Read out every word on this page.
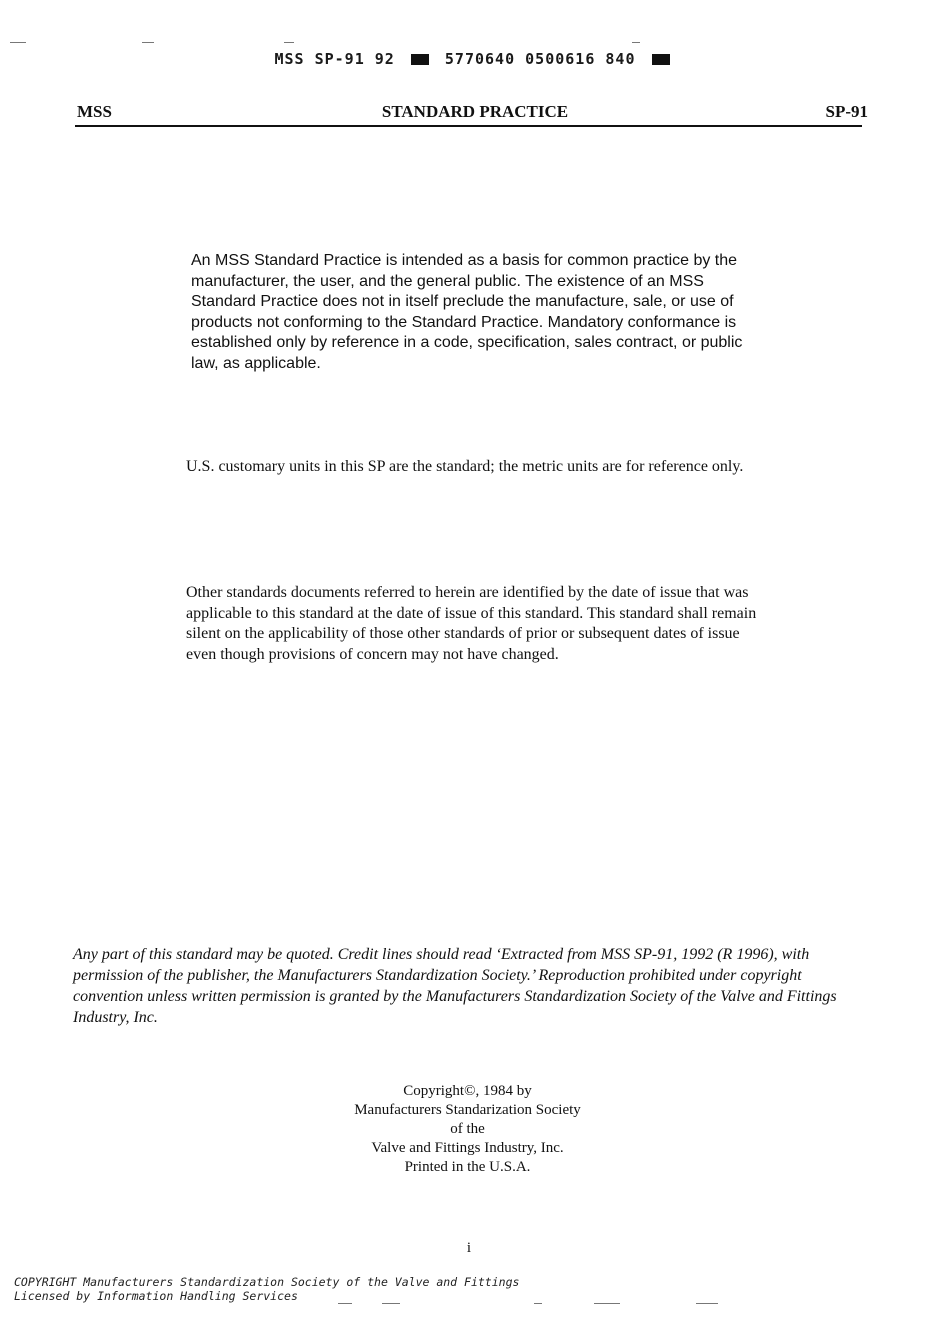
MSS SP-91 92	5770640 0500616 840
MSS	STANDARD PRACTICE	SP-91
An MSS Standard Practice is intended as a basis for common practice by the manufacturer, the user, and the general public. The existence of an MSS Standard Practice does not in itself preclude the manufacture, sale, or use of products not conforming to the Standard Practice. Mandatory conformance is established only by reference in a code, specification, sales contract, or public law, as applicable.
U.S. customary units in this SP are the standard; the metric units are for reference only.
Other standards documents referred to herein are identified by the date of issue that was applicable to this standard at the date of issue of this standard. This standard shall remain silent on the applicability of those other standards of prior or subsequent dates of issue even though provisions of concern may not have changed.
Any part of this standard may be quoted. Credit lines should read ‘Extracted from MSS SP-91, 1992 (R 1996), with permission of the publisher, the Manufacturers Standardization Society.’ Reproduction prohibited under copyright convention unless written permission is granted by the Manufacturers Standardization Society of the Valve and Fittings Industry, Inc.
Copyright©, 1984 by
Manufacturers Standarization Society
of the
Valve and Fittings Industry, Inc.
Printed in the U.S.A.
i
COPYRIGHT Manufacturers Standardization Society of the Valve and Fittings
Licensed by Information Handling Services
